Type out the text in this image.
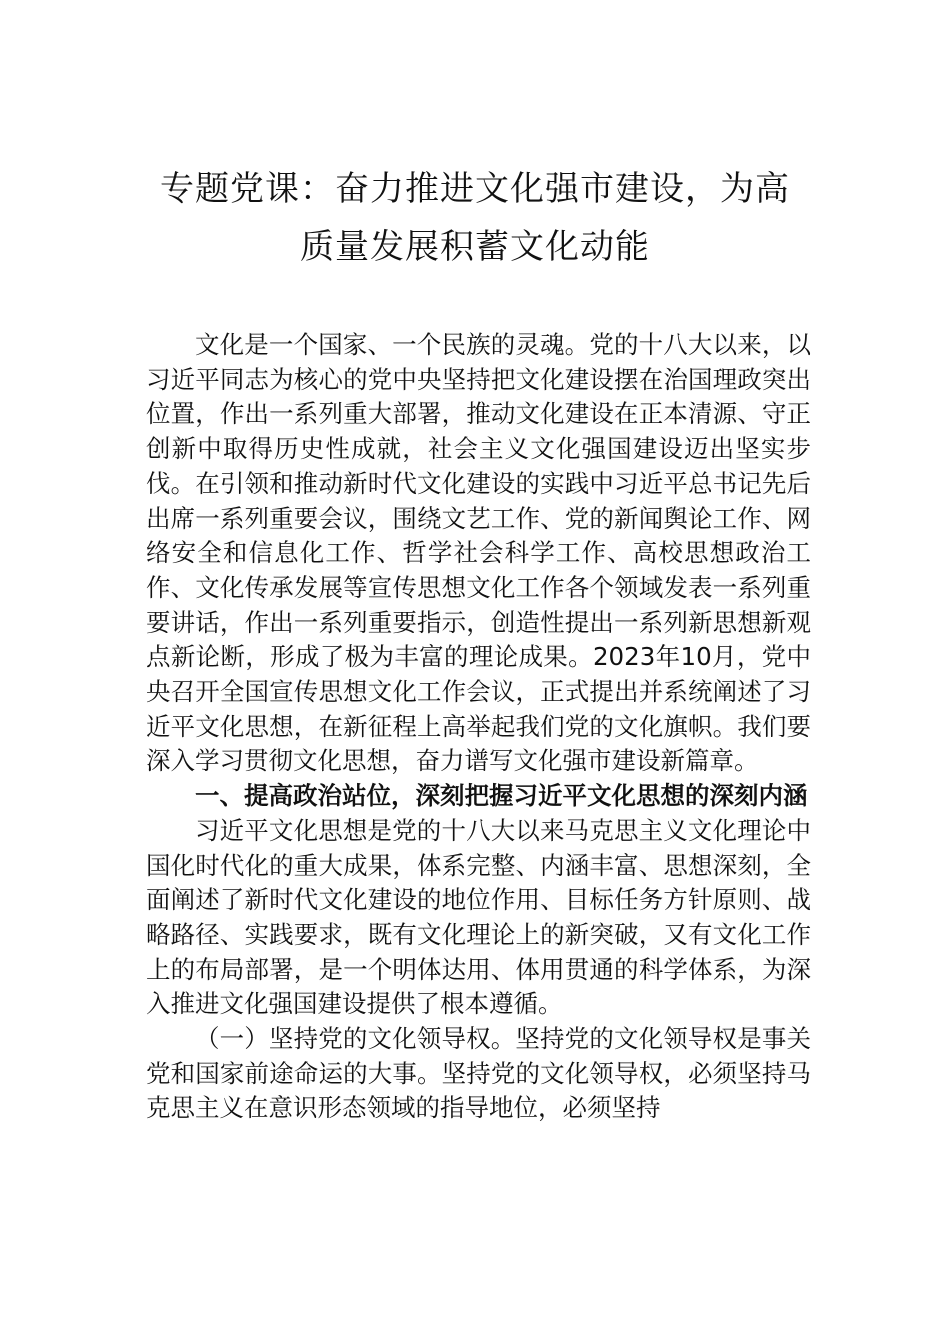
专题党课：奋力推进文化强市建设，为高
质量发展积蓄文化动能

文化是一个国家、一个民族的灵魂。党的十八大以来，以习近平同志为核心的党中央坚持把文化建设摆在治国理政突出位置，作出一系列重大部署，推动文化建设在正本清源、守正创新中取得历史性成就，社会主义文化强国建设迈出坚实步伐。在引领和推动新时代文化建设的实践中习近平总书记先后出席一系列重要会议，围绕文艺工作、党的新闻舆论工作、网络安全和信息化工作、哲学社会科学工作、高校思想政治工作、文化传承发展等宣传思想文化工作各个领域发表一系列重要讲话，作出一系列重要指示，创造性提出一系列新思想新观点新论断，形成了极为丰富的理论成果。2023年10月，党中央召开全国宣传思想文化工作会议，正式提出并系统阐述了习近平文化思想，在新征程上高举起我们党的文化旗帜。我们要深入学习贯彻文化思想，奋力谱写文化强市建设新篇章。

一、提高政治站位，深刻把握习近平文化思想的深刻内涵

习近平文化思想是党的十八大以来马克思主义文化理论中国化时代化的重大成果，体系完整、内涵丰富、思想深刻，全面阐述了新时代文化建设的地位作用、目标任务方针原则、战略路径、实践要求，既有文化理论上的新突破，又有文化工作上的布局部署，是一个明体达用、体用贯通的科学体系，为深入推进文化强国建设提供了根本遵循。

（一）坚持党的文化领导权。坚持党的文化领导权是事关党和国家前途命运的大事。坚持党的文化领导权，必须坚持马克思主义在意识形态领域的指导地位，必须坚持
